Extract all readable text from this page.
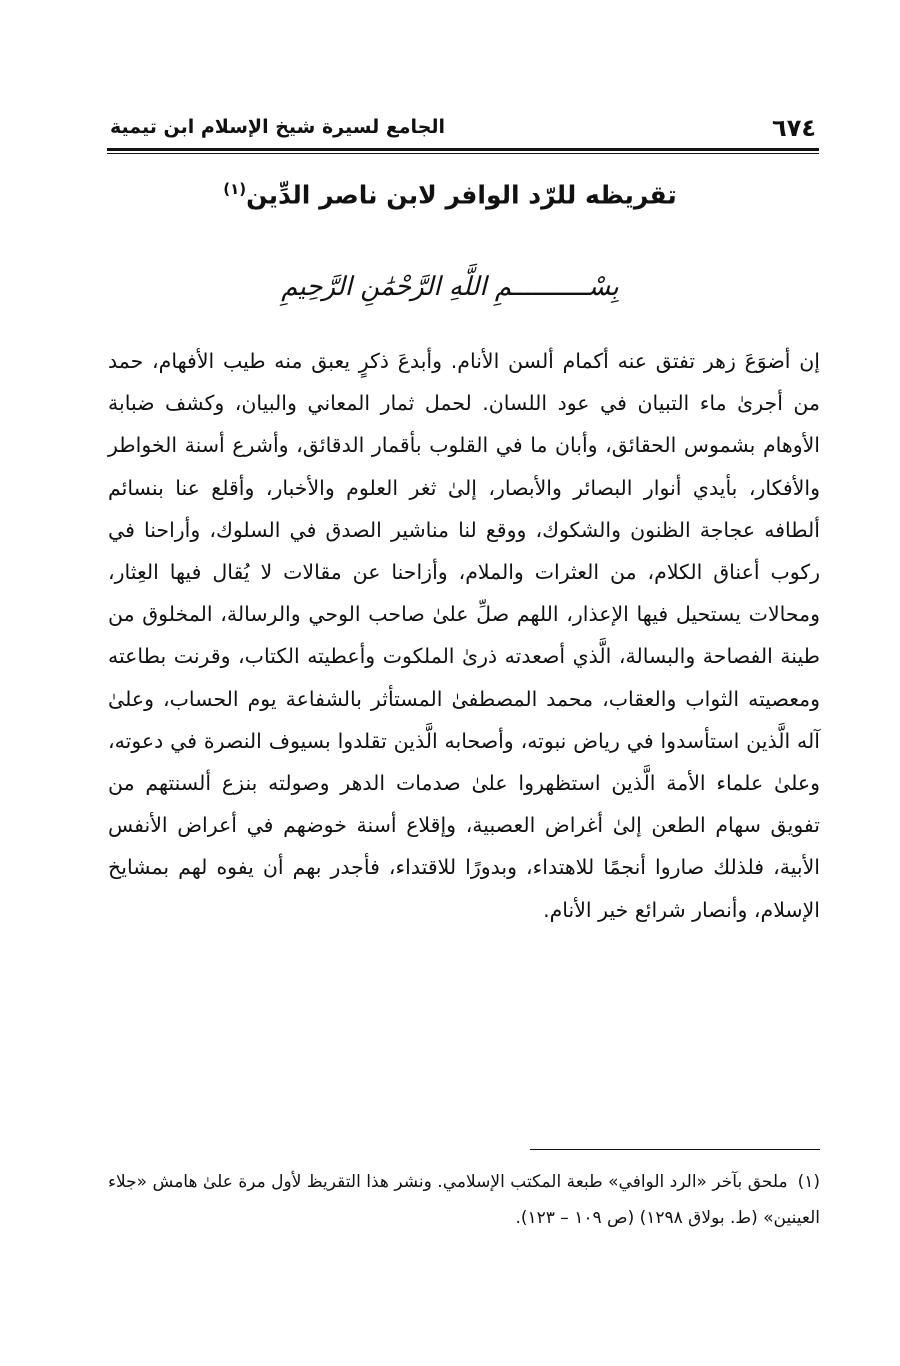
٦٧٤
الجامع لسيرة شيخ الإسلام ابن تيمية
تقريظه للرّد الوافر لابن ناصر الدِّين$^{(١)}$
بِسْــــــــــمِ اللَّهِ الرَّحْمَٰنِ الرَّحِيمِ

إن أضوَعَ زهر تفتق عنه أكمام ألسن الأنام. وأبدعَ ذكرٍ يعبق منه طيب الأفهام، حمد من أجرىٰ ماء التبيان في عود اللسان. لحمل ثمار المعاني والبيان، وكشف ضبابة الأوهام بشموس الحقائق، وأبان ما في القلوب بأقمار الدقائق، وأشرع أسنة الخواطر والأفكار، بأيدي أنوار البصائر والأبصار، إلىٰ ثغر العلوم والأخبار، وأقلع عنا بنسائم ألطافه عجاجة الظنون والشكوك، ووقع لنا مناشير الصدق في السلوك، وأراحنا في ركوب أعناق الكلام، من العثرات والملام، وأزاحنا عن مقالات لا يُقال فيها العِثار، ومحالات يستحيل فيها الإعذار، اللهم صلِّ علىٰ صاحب الوحي والرسالة، المخلوق من طينة الفصاحة والبسالة، الَّذي أصعدته ذرىٰ الملكوت وأعطيته الكتاب، وقرنت بطاعته ومعصيته الثواب والعقاب، محمد المصطفىٰ المستأثر بالشفاعة يوم الحساب، وعلىٰ آله الَّذين استأسدوا في رياض نبوته، وأصحابه الَّذين تقلدوا بسيوف النصرة في دعوته، وعلىٰ علماء الأمة الَّذين استظهروا علىٰ صدمات الدهر وصولته بنزع ألسنتهم من تفويق سهام الطعن إلىٰ أغراض العصبية، وإقلاع أسنة خوضهم في أعراض الأنفس الأبية، فلذلك صاروا أنجمًا للاهتداء، وبدورًا للاقتداء، فأجدر بهم أن يفوه لهم بمشايخ الإسلام، وأنصار شرائع خير الأنام.

(١)ملحق بآخر «الرد الوافي» طبعة المكتب الإسلامي. ونشر هذا التقريظ لأول مرة علىٰ هامش «جلاء العينين» (ط. بولاق ١٢٩٨) (ص ١٠٩ – ١٢٣).
